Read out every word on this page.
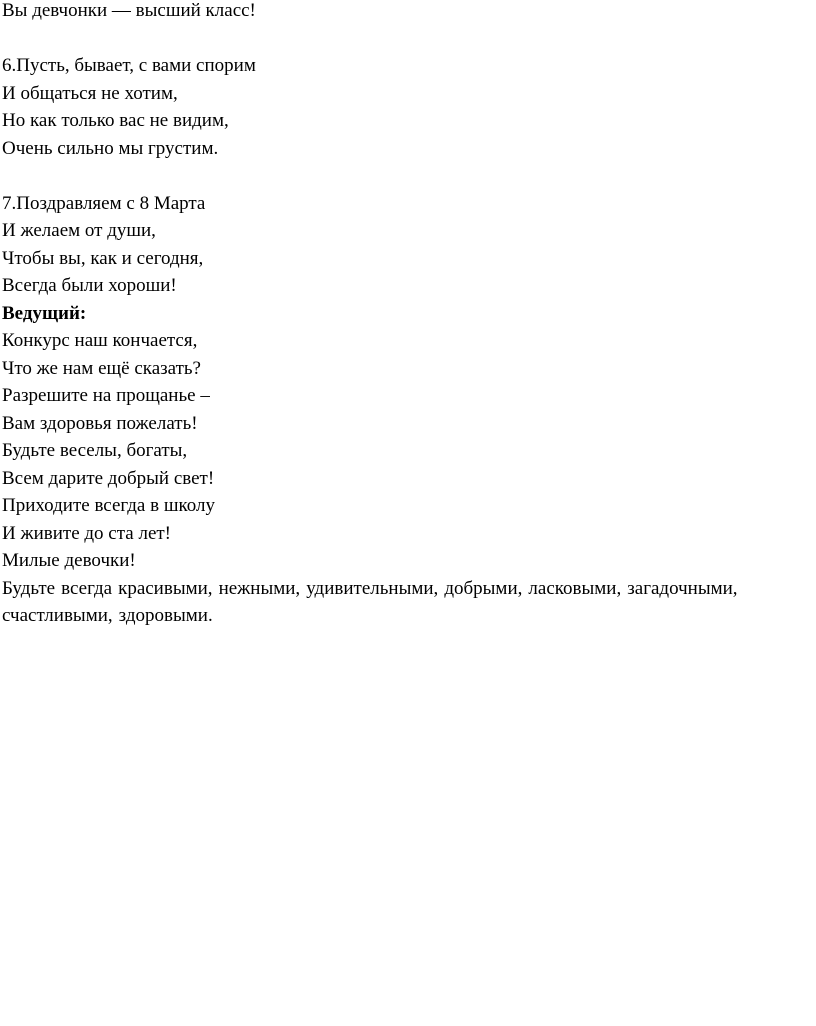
Вы девчонки — высший класс!
6.Пусть, бывает, с вами спорим
И общаться не хотим,
Но как только вас не видим,
Очень сильно мы грустим.
7.Поздравляем с 8 Марта
И желаем от души,
Чтобы вы, как и сегодня,
Всегда были хороши!
Ведущий:
Конкурс наш кончается,
Что же нам ещё сказать?
Разрешите на прощанье –
Вам здоровья пожелать!
Будьте веселы, богаты,
Всем дарите добрый свет!
Приходите всегда в школу
И живите до ста лет!
Милые девочки!
Будьте всегда красивыми, нежными, удивительными, добрыми, ласковыми, загадочными, счастливыми, здоровыми.
